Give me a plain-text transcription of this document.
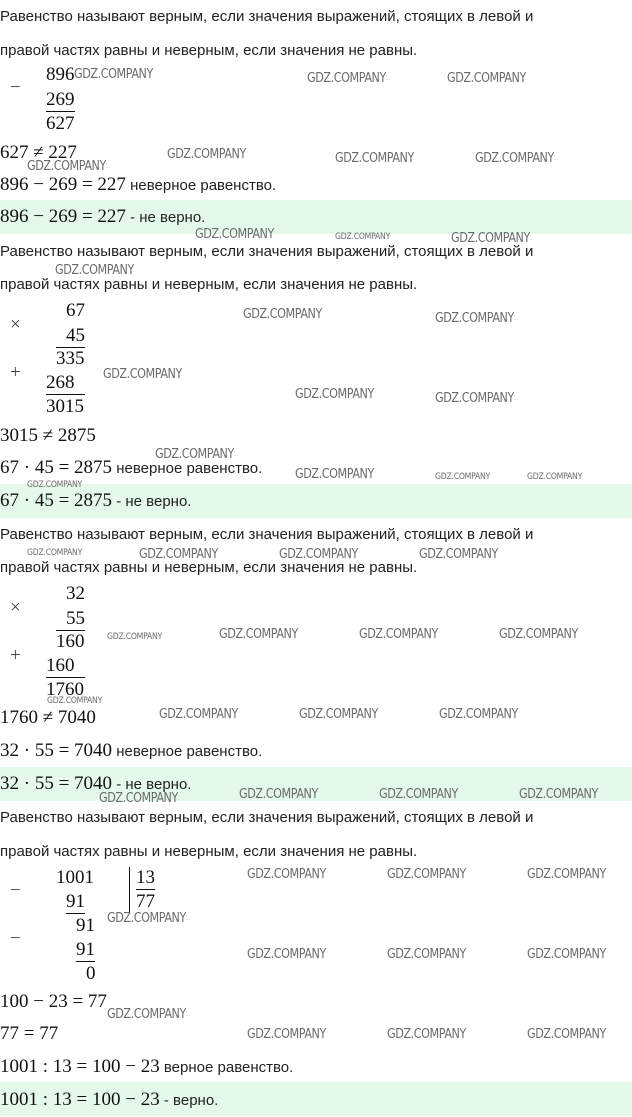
Равенство называют верным, если значения выражений, стоящих в левой и
правой частях равны и неверным, если значения не равны.
−
896
269
627
627 ≠ 227
896 − 269 = 227 неверное равенство.
896 − 269 = 227 - не верно.
Равенство называют верным, если значения выражений, стоящих в левой и
правой частях равны и неверным, если значения не равны.
×
67
45
335
+ 268
3015
3015 ≠ 2875
67 · 45 = 2875 неверное равенство.
67 · 45 = 2875 - не верно.
Равенство называют верным, если значения выражений, стоящих в левой и
правой частях равны и неверным, если значения не равны.
×
32
55
160
+ 160
1760
1760 ≠ 7040
32 · 55 = 7040 неверное равенство.
32 · 55 = 7040 - не верно.
Равенство называют верным, если значения выражений, стоящих в левой и
правой частях равны и неверным, если значения не равны.
−
1001
91
91
−
91
0
13
77
100 − 23 = 77
77 = 77
1001 : 13 = 100 − 23 верное равенство.
1001 : 13 = 100 − 23 - верно.
GDZ.COMPANY	GDZ.COMPANY	GDZ.COMPANY
GDZ.COMPANY
GDZ.COMPANY	GDZ.COMPANY	GDZ.COMPANY
GDZ.COMPANY	GDZ.COMPANY	GDZ.COMPANY
GDZ.COMPANY
GDZ.COMPANY	GDZ.COMPANY
GDZ.COMPANY
GDZ.COMPANY	GDZ.COMPANY
GDZ.COMPANY
GDZ.COMPANY	GDZ.COMPANY	GDZ.COMPANY
GDZ.COMPANY
GDZ.COMPANY	GDZ.COMPANY	GDZ.COMPANY	GDZ.COMPANY
GDZ.COMPANY	GDZ.COMPANY	GDZ.COMPANY	GDZ.COMPANY
GDZ.COMPANY
GDZ.COMPANY	GDZ.COMPANY	GDZ.COMPANY
GDZ.COMPANY	GDZ.COMPANY	GDZ.COMPANY	GDZ.COMPANY
GDZ.COMPANY	GDZ.COMPANY	GDZ.COMPANY
GDZ.COMPANY
GDZ.COMPANY	GDZ.COMPANY	GDZ.COMPANY
GDZ.COMPANY
GDZ.COMPANY	GDZ.COMPANY	GDZ.COMPANY
